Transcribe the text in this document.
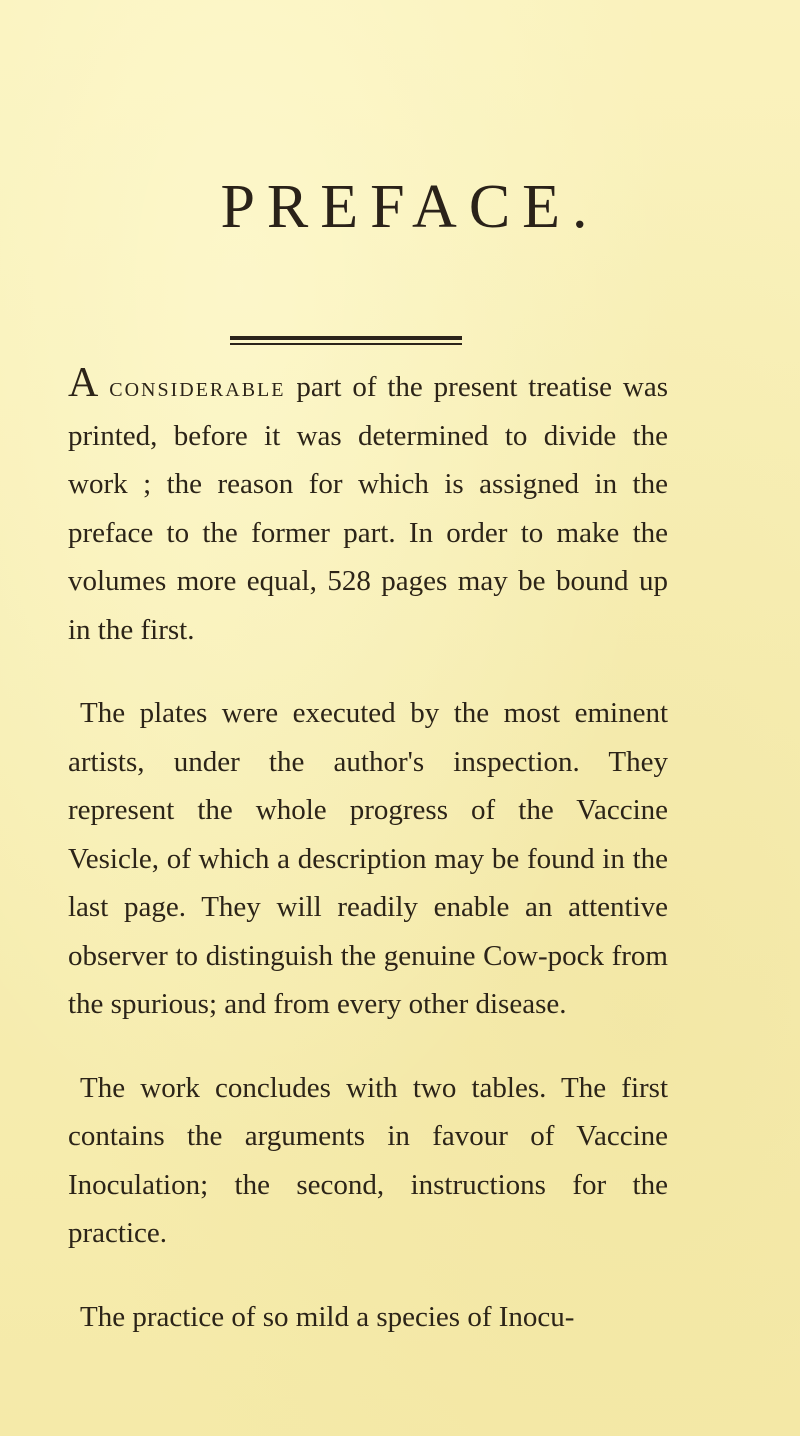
PREFACE.

A considerable part of the present treatise was printed, before it was determined to divide the work ; the reason for which is assigned in the preface to the former part. In order to make the volumes more equal, 528 pages may be bound up in the first.

The plates were executed by the most eminent artists, under the author's inspection. They represent the whole progress of the Vaccine Vesicle, of which a description may be found in the last page. They will readily enable an attentive observer to distinguish the genuine Cow-pock from the spurious; and from every other disease.

The work concludes with two tables. The first contains the arguments in favour of Vaccine Inoculation; the second, instructions for the practice.

The practice of so mild a species of Inocu-
